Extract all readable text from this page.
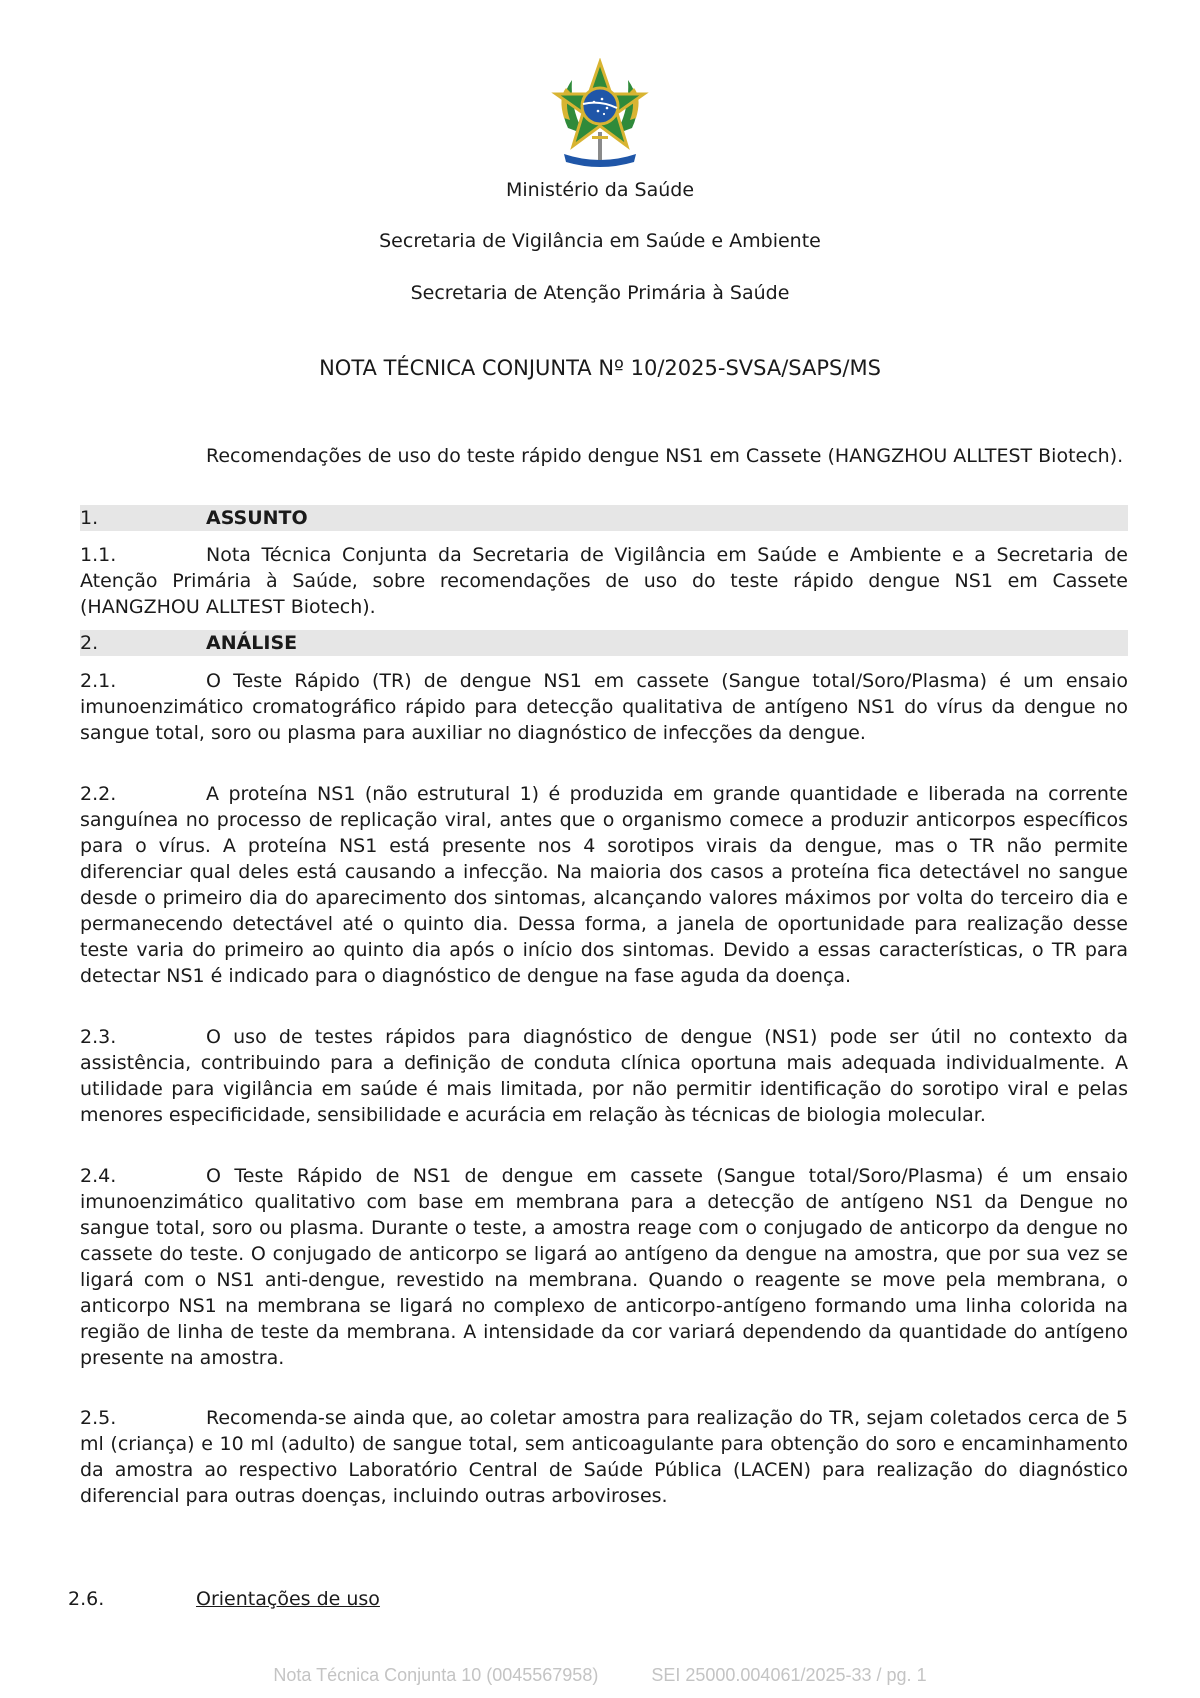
Ministério da Saúde
Secretaria de Vigilância em Saúde e Ambiente
Secretaria de Atenção Primária à Saúde
NOTA TÉCNICA CONJUNTA Nº 10/2025-SVSA/SAPS/MS

Recomendações de uso do teste rápido dengue NS1 em Cassete (HANGZHOU ALLTEST Biotech).

1.	ASSUNTO

1.1.	Nota Técnica Conjunta da Secretaria de Vigilância em Saúde e Ambiente e a Secretaria de Atenção Primária à Saúde, sobre recomendações de uso do teste rápido dengue NS1 em Cassete (HANGZHOU ALLTEST Biotech).

2.	ANÁLISE

2.1.	O Teste Rápido (TR) de dengue NS1 em cassete (Sangue total/Soro/Plasma) é um ensaio imunoenzimático cromatográfico rápido para detecção qualitativa de antígeno NS1 do vírus da dengue no sangue total, soro ou plasma para auxiliar no diagnóstico de infecções da dengue.

2.2.	A proteína NS1 (não estrutural 1) é produzida em grande quantidade e liberada na corrente sanguínea no processo de replicação viral, antes que o organismo comece a produzir anticorpos específicos para o vírus. A proteína NS1 está presente nos 4 sorotipos virais da dengue, mas o TR não permite diferenciar qual deles está causando a infecção. Na maioria dos casos a proteína fica detectável no sangue desde o primeiro dia do aparecimento dos sintomas, alcançando valores máximos por volta do terceiro dia e permanecendo detectável até o quinto dia. Dessa forma, a janela de oportunidade para realização desse teste varia do primeiro ao quinto dia após o início dos sintomas. Devido a essas características, o TR para detectar NS1 é indicado para o diagnóstico de dengue na fase aguda da doença.

2.3.	O uso de testes rápidos para diagnóstico de dengue (NS1) pode ser útil no contexto da assistência, contribuindo para a definição de conduta clínica oportuna mais adequada individualmente. A utilidade para vigilância em saúde é mais limitada, por não permitir identificação do sorotipo viral e pelas menores especificidade, sensibilidade e acurácia em relação às técnicas de biologia molecular.

2.4.	O Teste Rápido de NS1 de dengue em cassete (Sangue total/Soro/Plasma) é um ensaio imunoenzimático qualitativo com base em membrana para a detecção de antígeno NS1 da Dengue no sangue total, soro ou plasma. Durante o teste, a amostra reage com o conjugado de anticorpo da dengue no cassete do teste. O conjugado de anticorpo se ligará ao antígeno da dengue na amostra, que por sua vez se ligará com o NS1 anti-dengue, revestido na membrana. Quando o reagente se move pela membrana, o anticorpo NS1 na membrana se ligará no complexo de anticorpo-antígeno formando uma linha colorida na região de linha de teste da membrana. A intensidade da cor variará dependendo da quantidade do antígeno presente na amostra.

2.5.	Recomenda-se ainda que, ao coletar amostra para realização do TR, sejam coletados cerca de 5 ml (criança) e 10 ml (adulto) de sangue total, sem anticoagulante para obtenção do soro e encaminhamento da amostra ao respectivo Laboratório Central de Saúde Pública (LACEN) para realização do diagnóstico diferencial para outras doenças, incluindo outras arboviroses.

2.6.	Orientações de uso
Nota Técnica Conjunta 10 (0045567958)	SEI 25000.004061/2025-33 / pg. 1
